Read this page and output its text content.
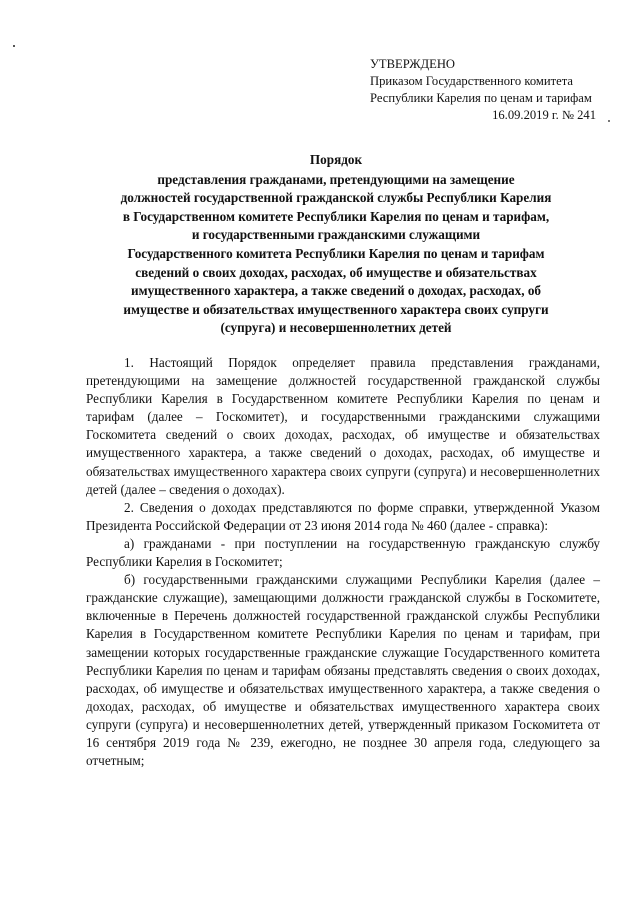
УТВЕРЖДЕНО
Приказом Государственного комитета
Республики Карелия по ценам и тарифам
16.09.2019 г. № 241
Порядок
представления гражданами, претендующими на замещение
должностей государственной гражданской службы Республики Карелия
в Государственном комитете Республики Карелия по ценам и тарифам,
и государственными гражданскими служащими
Государственного комитета Республики Карелия по ценам и тарифам
сведений о своих доходах, расходах, об имуществе и обязательствах
имущественного характера, а также сведений о доходах, расходах, об
имуществе и обязательствах имущественного характера своих супруги
(супруга) и несовершеннолетних детей

1. Настоящий Порядок определяет правила представления гражданами, претендующими на замещение должностей государственной гражданской службы Республики Карелия в Государственном комитете Республики Карелия по ценам и тарифам (далее – Госкомитет), и государственными гражданскими служащими Госкомитета сведений о своих доходах, расходах, об имуществе и обязательствах имущественного характера, а также сведений о доходах, расходах, об имуществе и обязательствах имущественного характера своих супруги (супруга) и несовершеннолетних детей (далее – сведения о доходах).

2. Сведения о доходах представляются по форме справки, утвержденной Указом Президента Российской Федерации от 23 июня 2014 года № 460 (далее - справка):

а) гражданами - при поступлении на государственную гражданскую службу Республики Карелия в Госкомитет;

б) государственными гражданскими служащими Республики Карелия (далее – гражданские служащие), замещающими должности гражданской службы в Госкомитете, включенные в Перечень должностей государственной гражданской службы Республики Карелия в Государственном комитете Республики Карелия по ценам и тарифам, при замещении которых государственные гражданские служащие Государственного комитета Республики Карелия по ценам и тарифам обязаны представлять сведения о своих доходах, расходах, об имуществе и обязательствах имущественного характера, а также сведения о доходах, расходах, об имуществе и обязательствах имущественного характера своих супруги (супруга) и несовершеннолетних детей, утвержденный приказом Госкомитета от 16 сентября 2019 года № 239, ежегодно, не позднее 30 апреля года, следующего за отчетным;
